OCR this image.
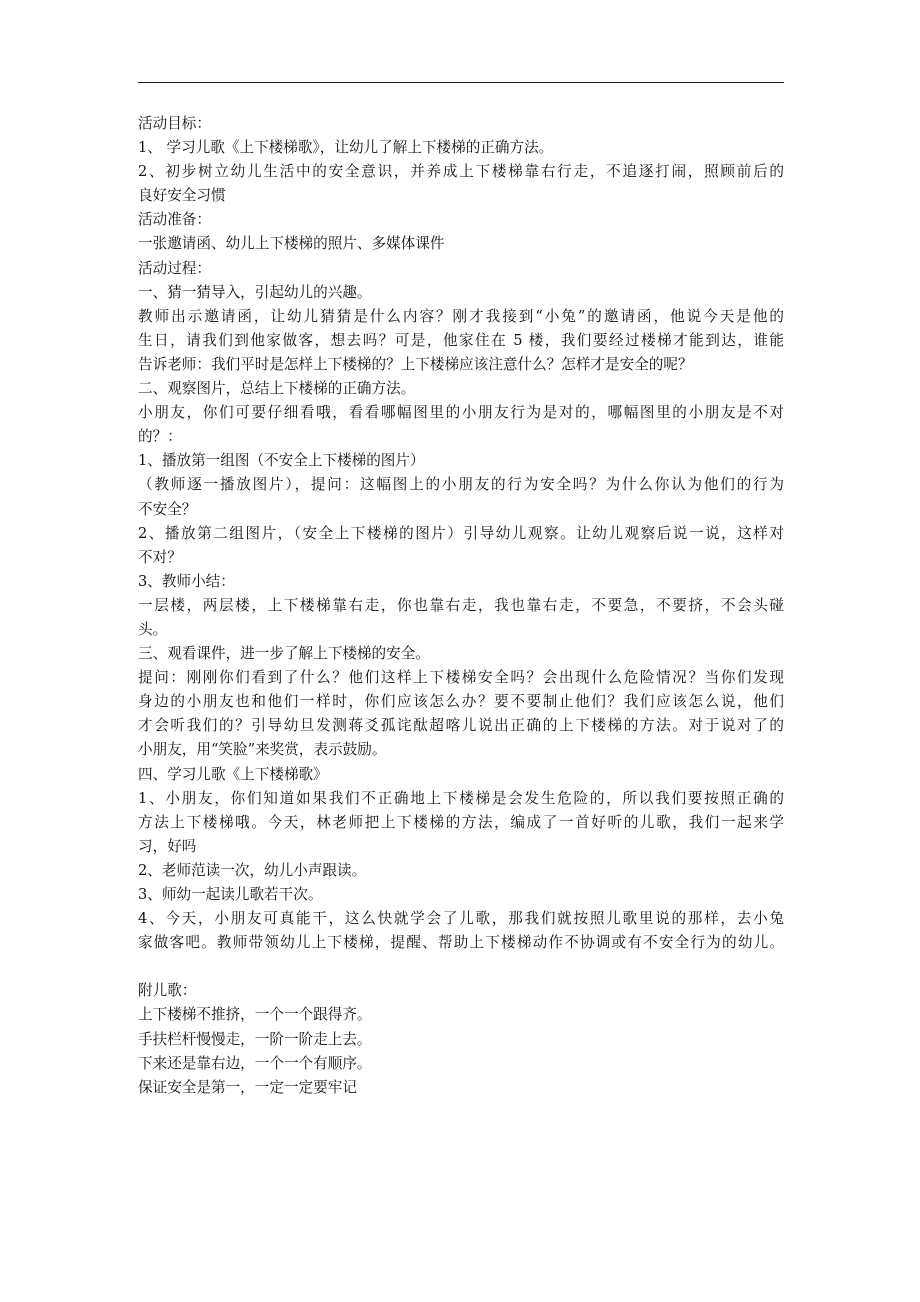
活动目标：
1、 学习儿歌《上下楼梯歌》，让幼儿了解上下楼梯的正确方法。
2、初步树立幼儿生活中的安全意识，并养成上下楼梯靠右行走，不追逐打闹，照顾前后的
良好安全习惯
活动准备：
一张邀请函、幼儿上下楼梯的照片、多媒体课件
活动过程：
一、猜一猜导入，引起幼儿的兴趣。
教师出示邀请函，让幼儿猜猜是什么内容？刚才我接到“小兔”的邀请函，他说今天是他的
生日，请我们到他家做客，想去吗？可是，他家住在 5 楼，我们要经过楼梯才能到达，谁能
告诉老师：我们平时是怎样上下楼梯的？上下楼梯应该注意什么？怎样才是安全的呢？
二、观察图片，总结上下楼梯的正确方法。
小朋友，你们可要仔细看哦，看看哪幅图里的小朋友行为是对的，哪幅图里的小朋友是不对
的？：
1、播放第一组图（不安全上下楼梯的图片）
（教师逐一播放图片），提问：这幅图上的小朋友的行为安全吗？为什么你认为他们的行为
不安全？
2、播放第二组图片，（安全上下楼梯的图片）引导幼儿观察。让幼儿观察后说一说，这样对
不对？
3、教师小结：
一层楼，两层楼，上下楼梯靠右走，你也靠右走，我也靠右走，不要急，不要挤，不会头碰
头。
三、观看课件，进一步了解上下楼梯的安全。
提问：刚刚你们看到了什么？他们这样上下楼梯安全吗？会出现什么危险情况？当你们发现
身边的小朋友也和他们一样时，你们应该怎么办？要不要制止他们？我们应该怎么说，他们
才会听我们的？引导幼旦发测蒋爻孤诧酞超喀儿说出正确的上下楼梯的方法。对于说对了的
小朋友，用“笑脸”来奖赏，表示鼓励。
四、学习儿歌《上下楼梯歌》
1、小朋友，你们知道如果我们不正确地上下楼梯是会发生危险的，所以我们要按照正确的
方法上下楼梯哦。今天，林老师把上下楼梯的方法，编成了一首好听的儿歌，我们一起来学
习，好吗
2、老师范读一次，幼儿小声跟读。
3、师幼一起读儿歌若干次。
4、今天，小朋友可真能干，这么快就学会了儿歌，那我们就按照儿歌里说的那样，去小兔
家做客吧。教师带领幼儿上下楼梯，提醒、帮助上下楼梯动作不协调或有不安全行为的幼儿。
附儿歌：
上下楼梯不推挤，一个一个跟得齐。
手扶栏杆慢慢走，一阶一阶走上去。
下来还是靠右边，一个一个有顺序。
保证安全是第一，一定一定要牢记
